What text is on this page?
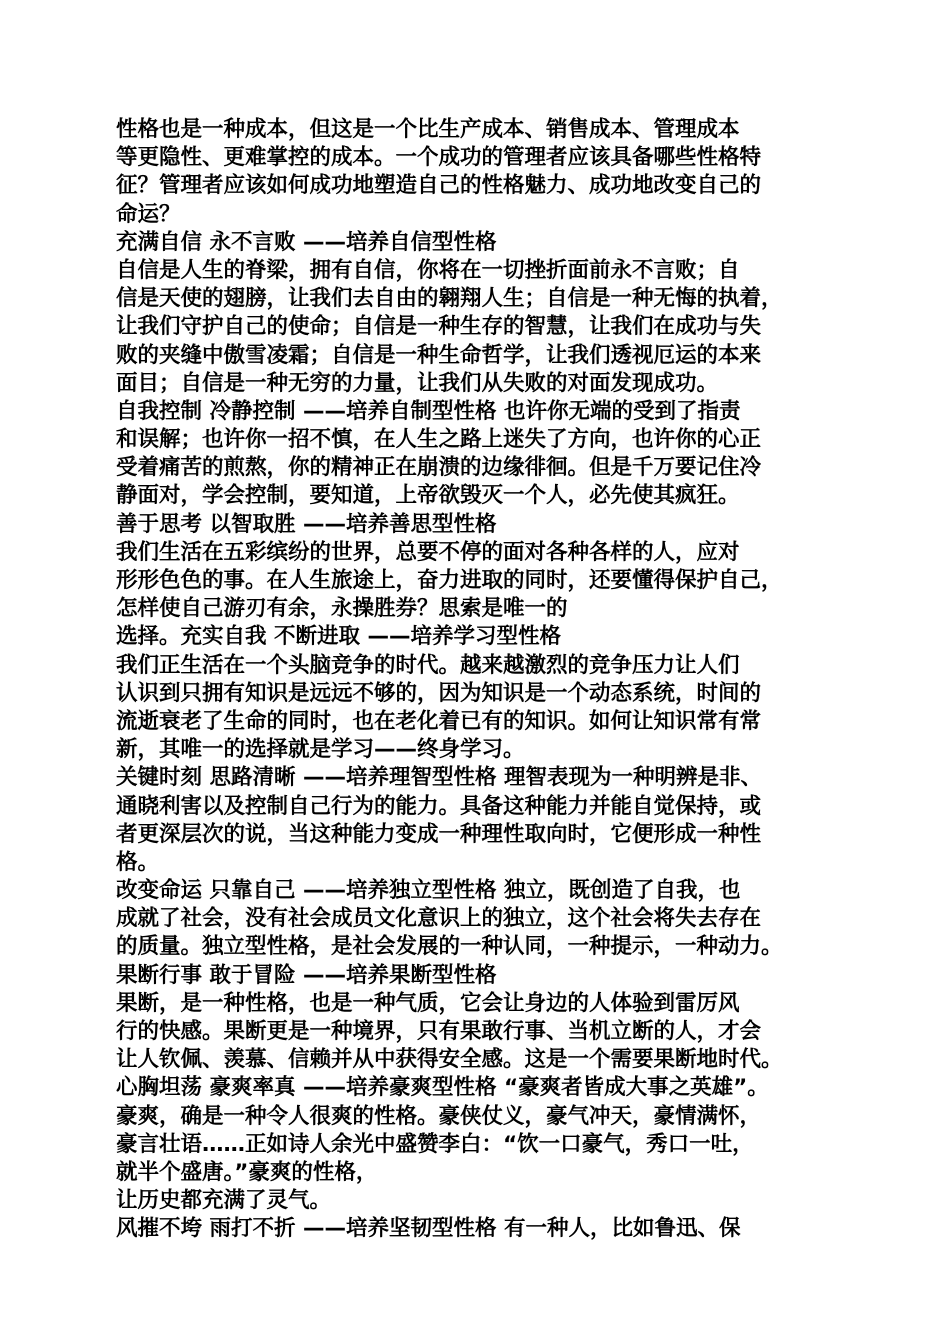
性格也是一种成本，但这是一个比生产成本、销售成本、管理成本
等更隐性、更难掌控的成本。一个成功的管理者应该具备哪些性格特
征？管理者应该如何成功地塑造自己的性格魅力、成功地改变自己的
命运？
充满自信 永不言败 ——培养自信型性格
自信是人生的脊梁，拥有自信，你将在一切挫折面前永不言败；自
信是天使的翅膀，让我们去自由的翱翔人生；自信是一种无悔的执着，
让我们守护自己的使命；自信是一种生存的智慧，让我们在成功与失
败的夹缝中傲雪凌霜；自信是一种生命哲学，让我们透视厄运的本来
面目；自信是一种无穷的力量，让我们从失败的对面发现成功。
自我控制 冷静控制 ——培养自制型性格 也许你无端的受到了指责
和误解；也许你一招不慎，在人生之路上迷失了方向，也许你的心正
受着痛苦的煎熬，你的精神正在崩溃的边缘徘徊。但是千万要记住冷
静面对，学会控制，要知道，上帝欲毁灭一个人，必先使其疯狂。
善于思考 以智取胜 ——培养善思型性格
我们生活在五彩缤纷的世界，总要不停的面对各种各样的人，应对
形形色色的事。在人生旅途上，奋力进取的同时，还要懂得保护自己，
怎样使自己游刃有余，永操胜券？思索是唯一的
选择。充实自我 不断进取 ——培养学习型性格
我们正生活在一个头脑竞争的时代。越来越激烈的竞争压力让人们
认识到只拥有知识是远远不够的，因为知识是一个动态系统，时间的
流逝衰老了生命的同时，也在老化着已有的知识。如何让知识常有常
新，其唯一的选择就是学习——终身学习。
关键时刻 思路清晰 ——培养理智型性格 理智表现为一种明辨是非、
通晓利害以及控制自己行为的能力。具备这种能力并能自觉保持，或
者更深层次的说，当这种能力变成一种理性取向时，它便形成一种性
格。
改变命运 只靠自己 ——培养独立型性格 独立，既创造了自我，也
成就了社会，没有社会成员文化意识上的独立，这个社会将失去存在
的质量。独立型性格，是社会发展的一种认同，一种提示，一种动力。
果断行事 敢于冒险 ——培养果断型性格
果断，是一种性格，也是一种气质，它会让身边的人体验到雷厉风
行的快感。果断更是一种境界，只有果敢行事、当机立断的人，才会
让人钦佩、羡慕、信赖并从中获得安全感。这是一个需要果断地时代。
心胸坦荡 豪爽率真 ——培养豪爽型性格 “豪爽者皆成大事之英雄”。
豪爽，确是一种令人很爽的性格。豪侠仗义，豪气冲天，豪情满怀，
豪言壮语……正如诗人余光中盛赞李白：“饮一口豪气，秀口一吐，
就半个盛唐。”豪爽的性格，
让历史都充满了灵气。
风摧不垮 雨打不折 ——培养坚韧型性格 有一种人，比如鲁迅、保
